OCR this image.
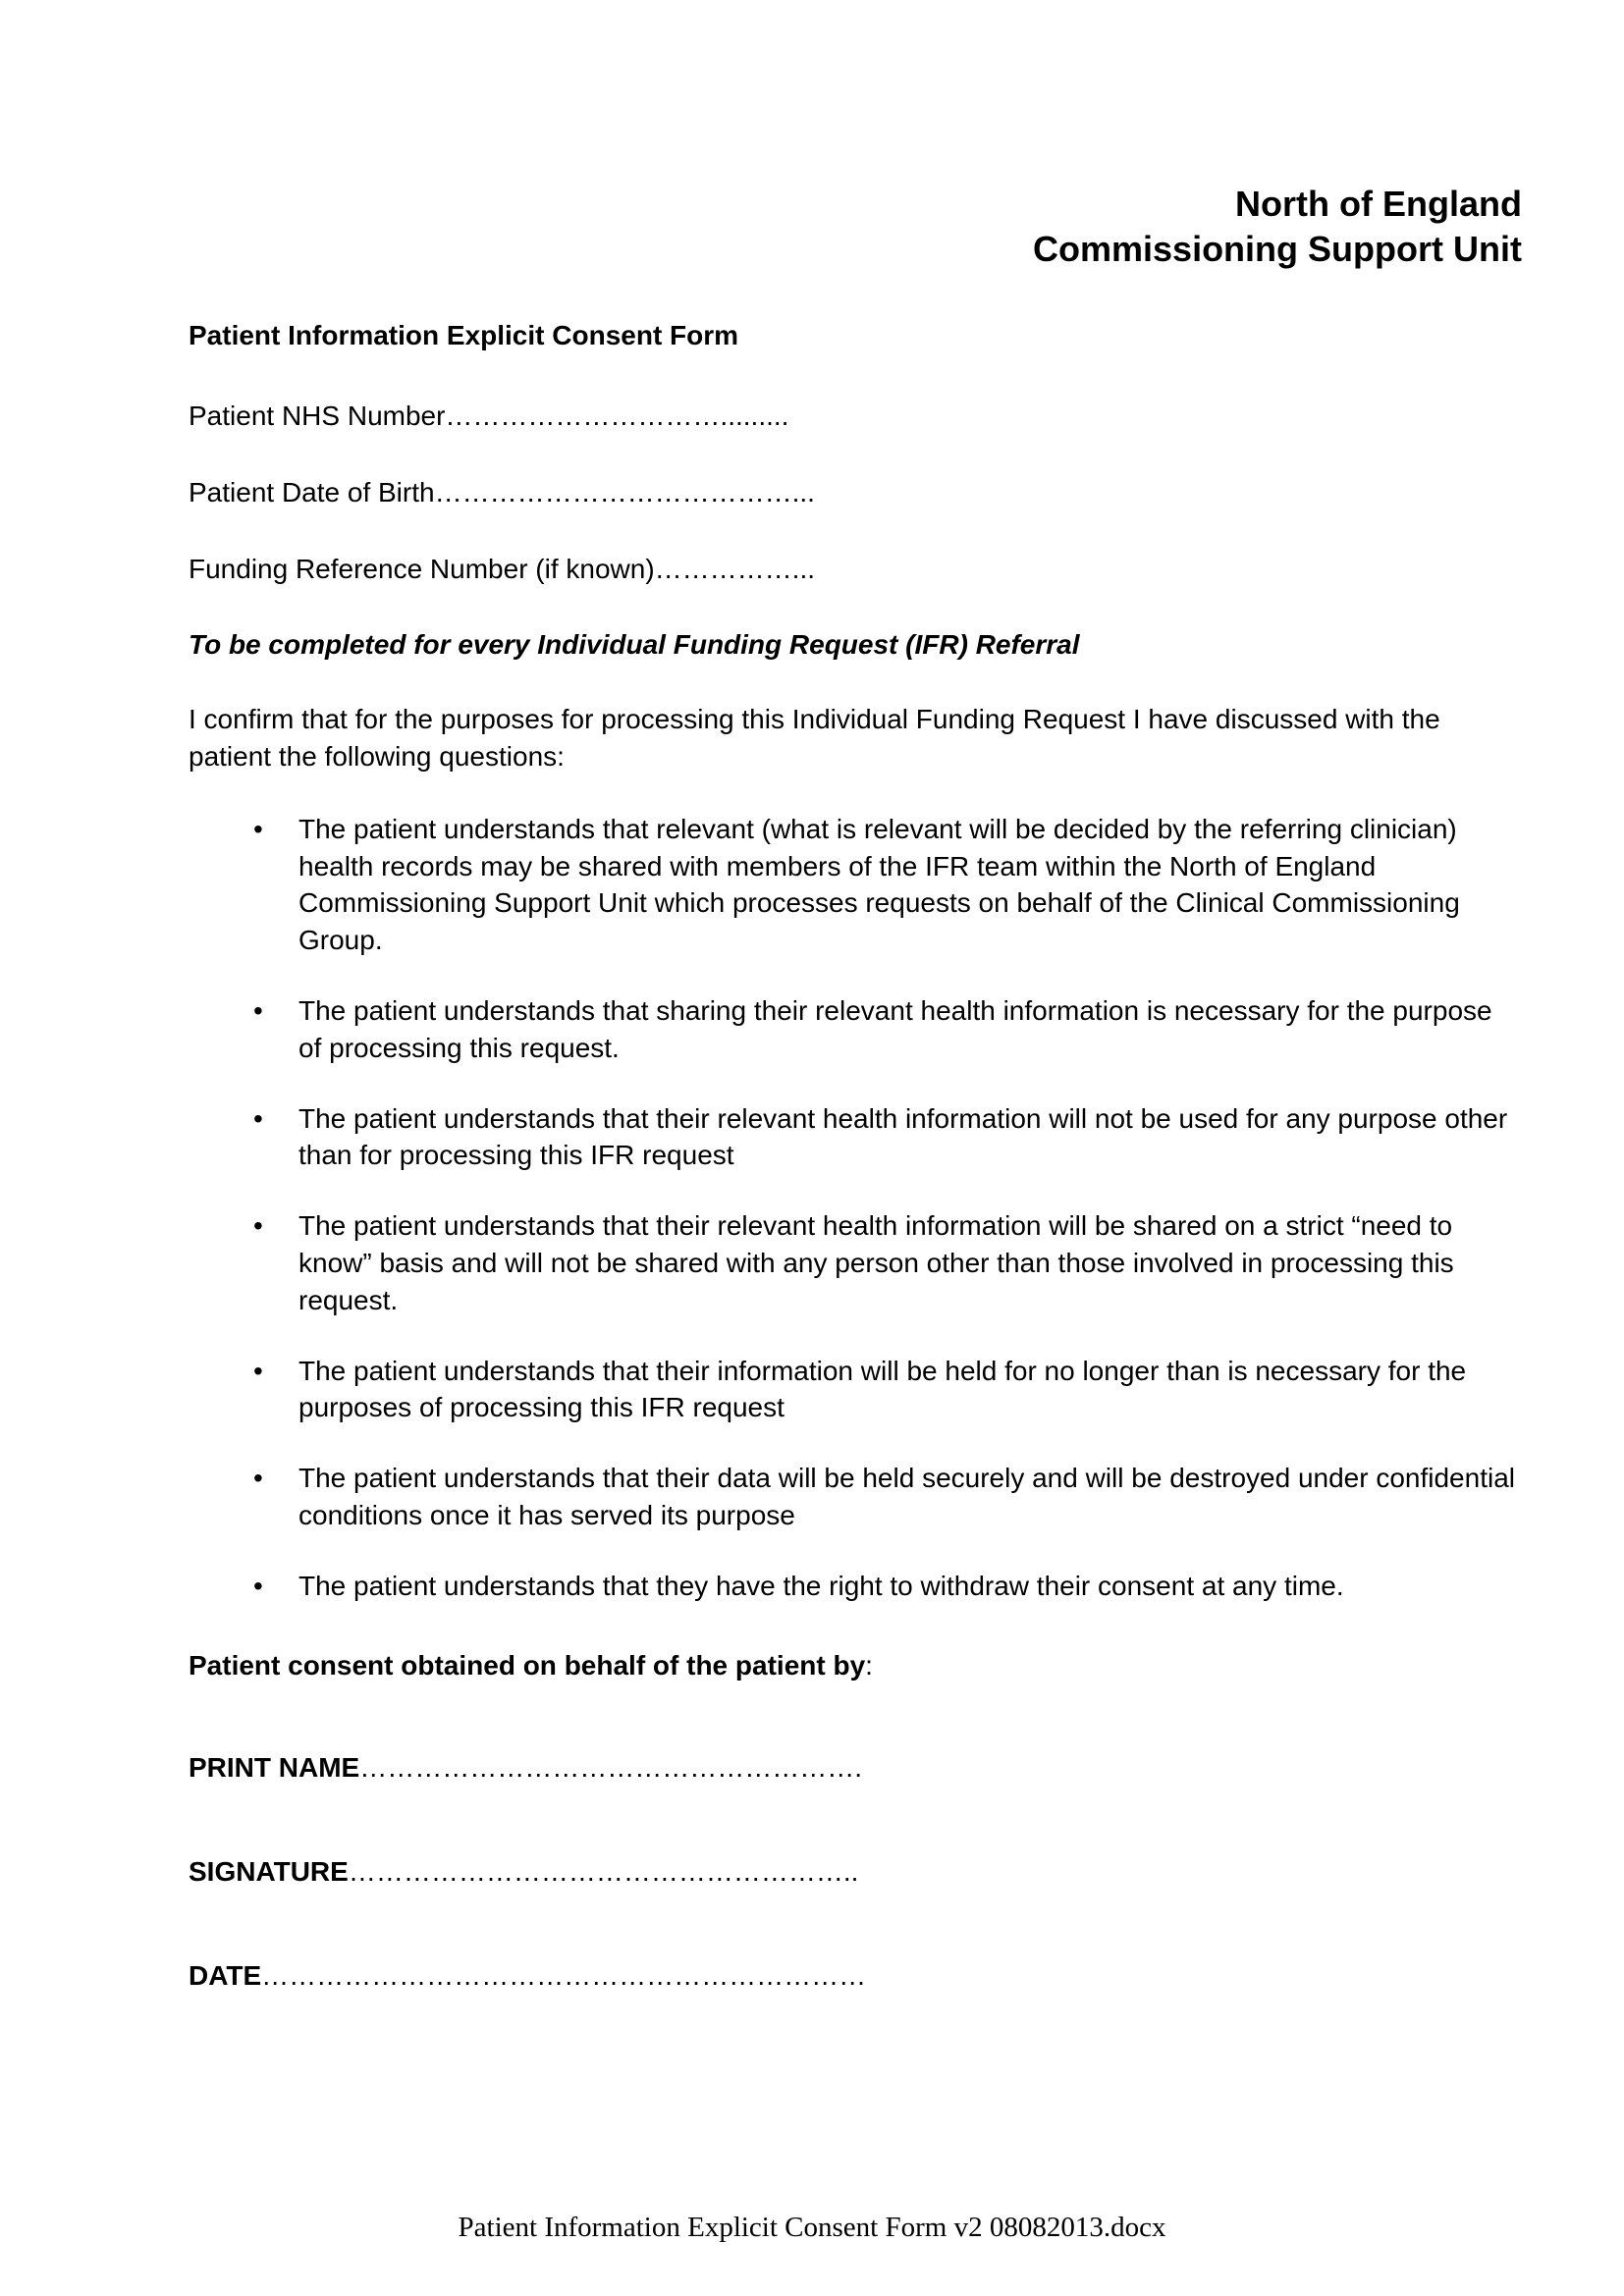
North of England
Commissioning Support Unit
Patient Information Explicit Consent Form

Patient NHS Number………………………….........

Patient Date of Birth…………………………………...

Funding Reference Number (if known)……………...

To be completed for every Individual Funding Request (IFR) Referral

I confirm that for the purposes for processing this Individual Funding Request I have discussed with the patient the following questions:

• The patient understands that relevant (what is relevant will be decided by the referring clinician) health records may be shared with members of the IFR team within the North of England Commissioning Support Unit which processes requests on behalf of the Clinical Commissioning Group.
• The patient understands that sharing their relevant health information is necessary for the purpose of processing this request.
• The patient understands that their relevant health information will not be used for any purpose other than for processing this IFR request
• The patient understands that their relevant health information will be shared on a strict “need to know” basis and will not be shared with any person other than those involved in processing this request.
• The patient understands that their information will be held for no longer than is necessary for the purposes of processing this IFR request
• The patient understands that their data will be held securely and will be destroyed under confidential conditions once it has served its purpose
• The patient understands that they have the right to withdraw their consent at any time.

Patient consent obtained on behalf of the patient by:

PRINT NAME……………………………………………….

SIGNATURE………………………………………………..

DATE…………………………………………………………

Patient Information Explicit Consent Form v2 08082013.docx
